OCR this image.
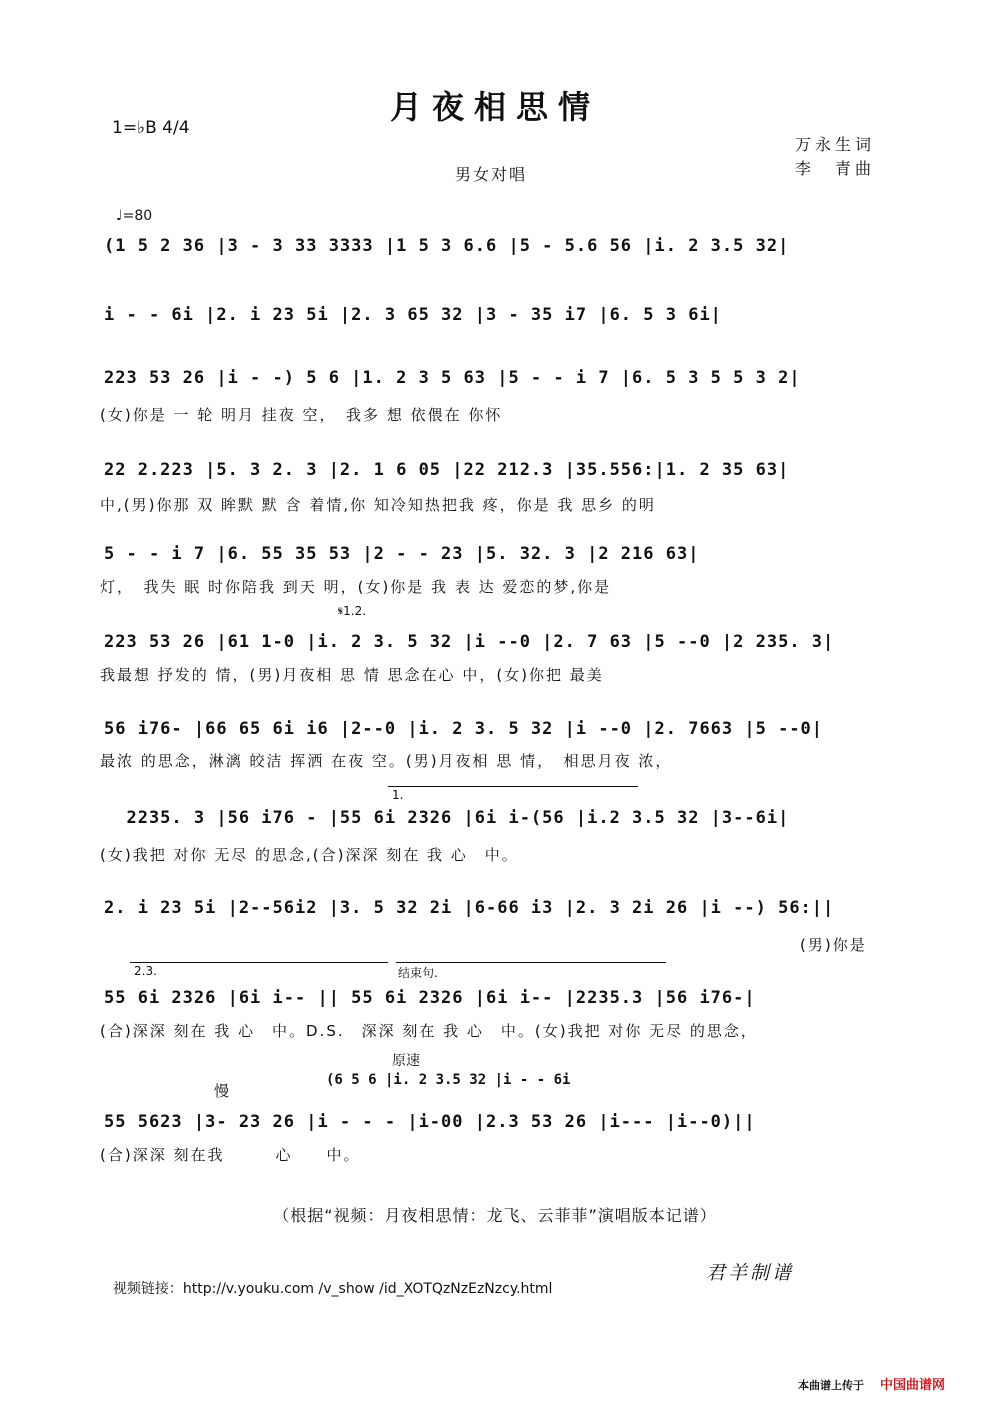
月夜相思情
1=♭B 4/4
男女对唱
万永生词
李　青曲
♩=80
(1 5 2 36 |3 - 3 33 3333 |1 5 3 6.6 |5 - 5.6 56 |i. 2 3.5 32|
i - - 6i |2. i 23 5i |2. 3 65 32 |3 - 35 i7 |6. 5 3 6i|
223 53 26 |i - -) 5 6 |1. 2 3 5 63 |5 - - i 7 |6. 5 3 5 5 3 2|
(女)你是 一 轮 明月 挂夜 空，　我多 想 依偎在 你怀
22 2.223 |5. 3 2. 3 |2. 1 6 05 |22 212.3 |35.556:|1. 2 35 63|
中,(男)你那 双 眸默 默 含 着情,你 知冷知热把我 疼，你是 我 思乡 的明
5 - - i 7 |6. 55 35 53 |2 - - 23 |5. 32. 3 |2 216 63|
灯，　我失 眠 时你陪我 到天 明，(女)你是 我 表 达 爱恋的梦,你是
𝄋1.2.
223 53 26 |61 1-0 |i. 2 3. 5 32 |i --0 |2. 7 63 |5 --0 |2 235. 3|
我最想 抒发的 情，(男)月夜相 思 情 思念在心 中，(女)你把 最美
56 i76- |66 65 6i i6 |2--0 |i. 2 3. 5 32 |i --0 |2. 7663 |5 --0|
最浓 的思念，淋漓 皎洁 挥洒 在夜 空。(男)月夜相 思 情，　相思月夜 浓，
1.
2235. 3 |56 i76 - |55 6i 2326 |6i i-(56 |i.2 3.5 32 |3--6i|
(女)我把 对你 无尽 的思念,(合)深深 刻在 我 心　中。
2. i 23 5i |2--56i2 |3. 5 32 2i |6-66 i3 |2. 3 2i 26 |i --) 56:||
(男)你是
2.3.	结束句.
55 6i 2326 |6i i-- || 55 6i 2326 |6i i-- |2235.3 |56 i76-|
(合)深深 刻在 我 心　中。D.S.　深深 刻在 我 心　中。(女)我把 对你 无尽 的思念，
原速
慢
(6 5 6 |i. 2 3.5 32 |i - - 6i
55 5623 |3- 23 26 |i - - - |i-00 |2.3 53 26 |i--- |i--0)||
(合)深深 刻在我　　　心　　中。
（根据“视频：月夜相思情：龙飞、云菲菲”演唱版本记谱）

视频链接：http://v.youku.com /v_show /id_XOTQzNzEzNzcy.html

君羊制谱
本曲谱上传于 中国曲谱网
